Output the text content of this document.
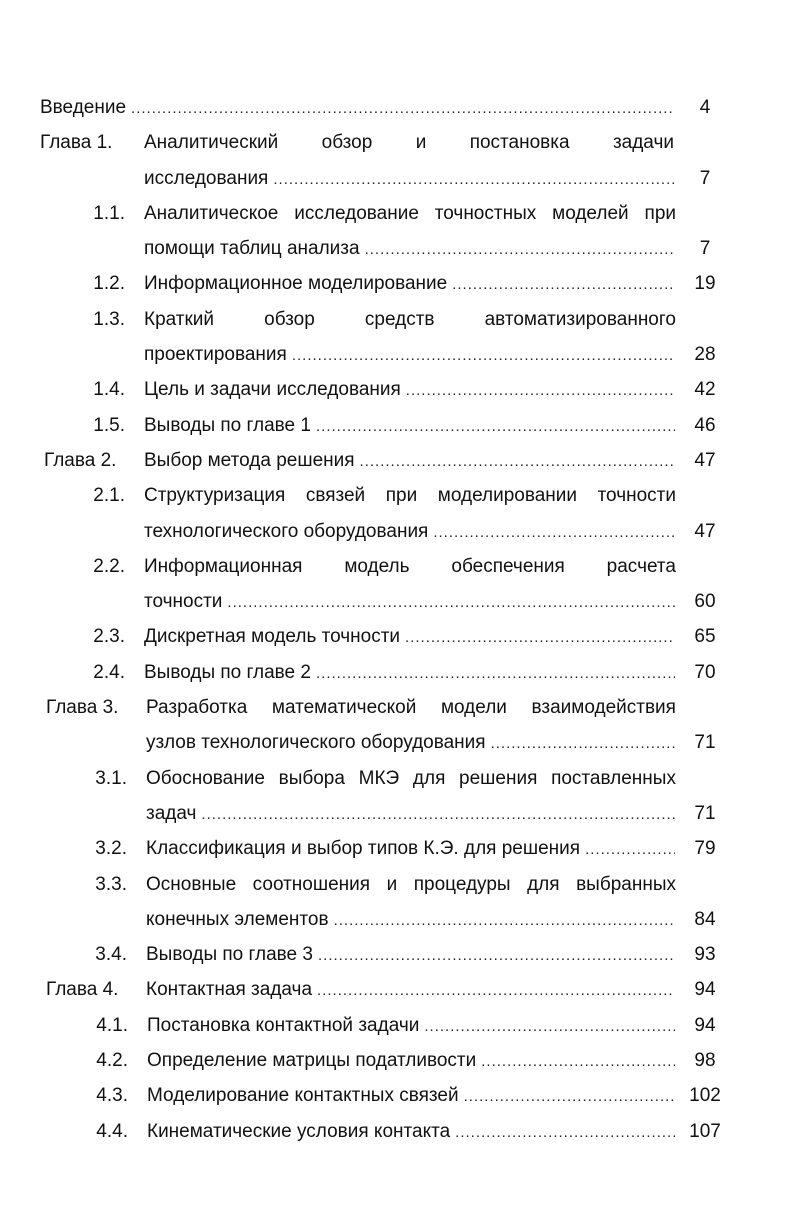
Введение .....	4
Глава 1.	Аналитический обзор и постановка задачи
исследования .....	7
1.1. Аналитическое исследование точностных моделей при
помощи таблиц анализа .....	7
1.2. Информационное моделирование .....	19
1.3. Краткий	обзор	средств	автоматизированного
проектирования .....	28
1.4. Цель и задачи исследования .....	42
1.5. Выводы по главе 1 .....	46
Глава 2.	Выбор метода решения .....	47
2.1. Структуризация связей при моделировании точности
технологического оборудования .....	47
2.2. Информационная модель обеспечения расчета
точности .....	60
2.3. Дискретная модель точности .....	65
2.4. Выводы по главе 2 .....	70
Глава 3.	Разработка математической модели взаимодействия
узлов технологического оборудования .....	71
3.1. Обоснование выбора МКЭ для решения поставленных
задач .....	71
3.2. Классификация и выбор типов К.Э. для решения .....	79
3.3. Основные соотношения и процедуры для выбранных
конечных элементов .....	84
3.4. Выводы по главе 3 .....	93
Глава 4.	Контактная задача .....	94
4.1. Постановка контактной задачи .....	94
4.2. Определение матрицы податливости .....	98
4.3. Моделирование контактных связей .....	102
4.4. Кинематические условия контакта .....	107
